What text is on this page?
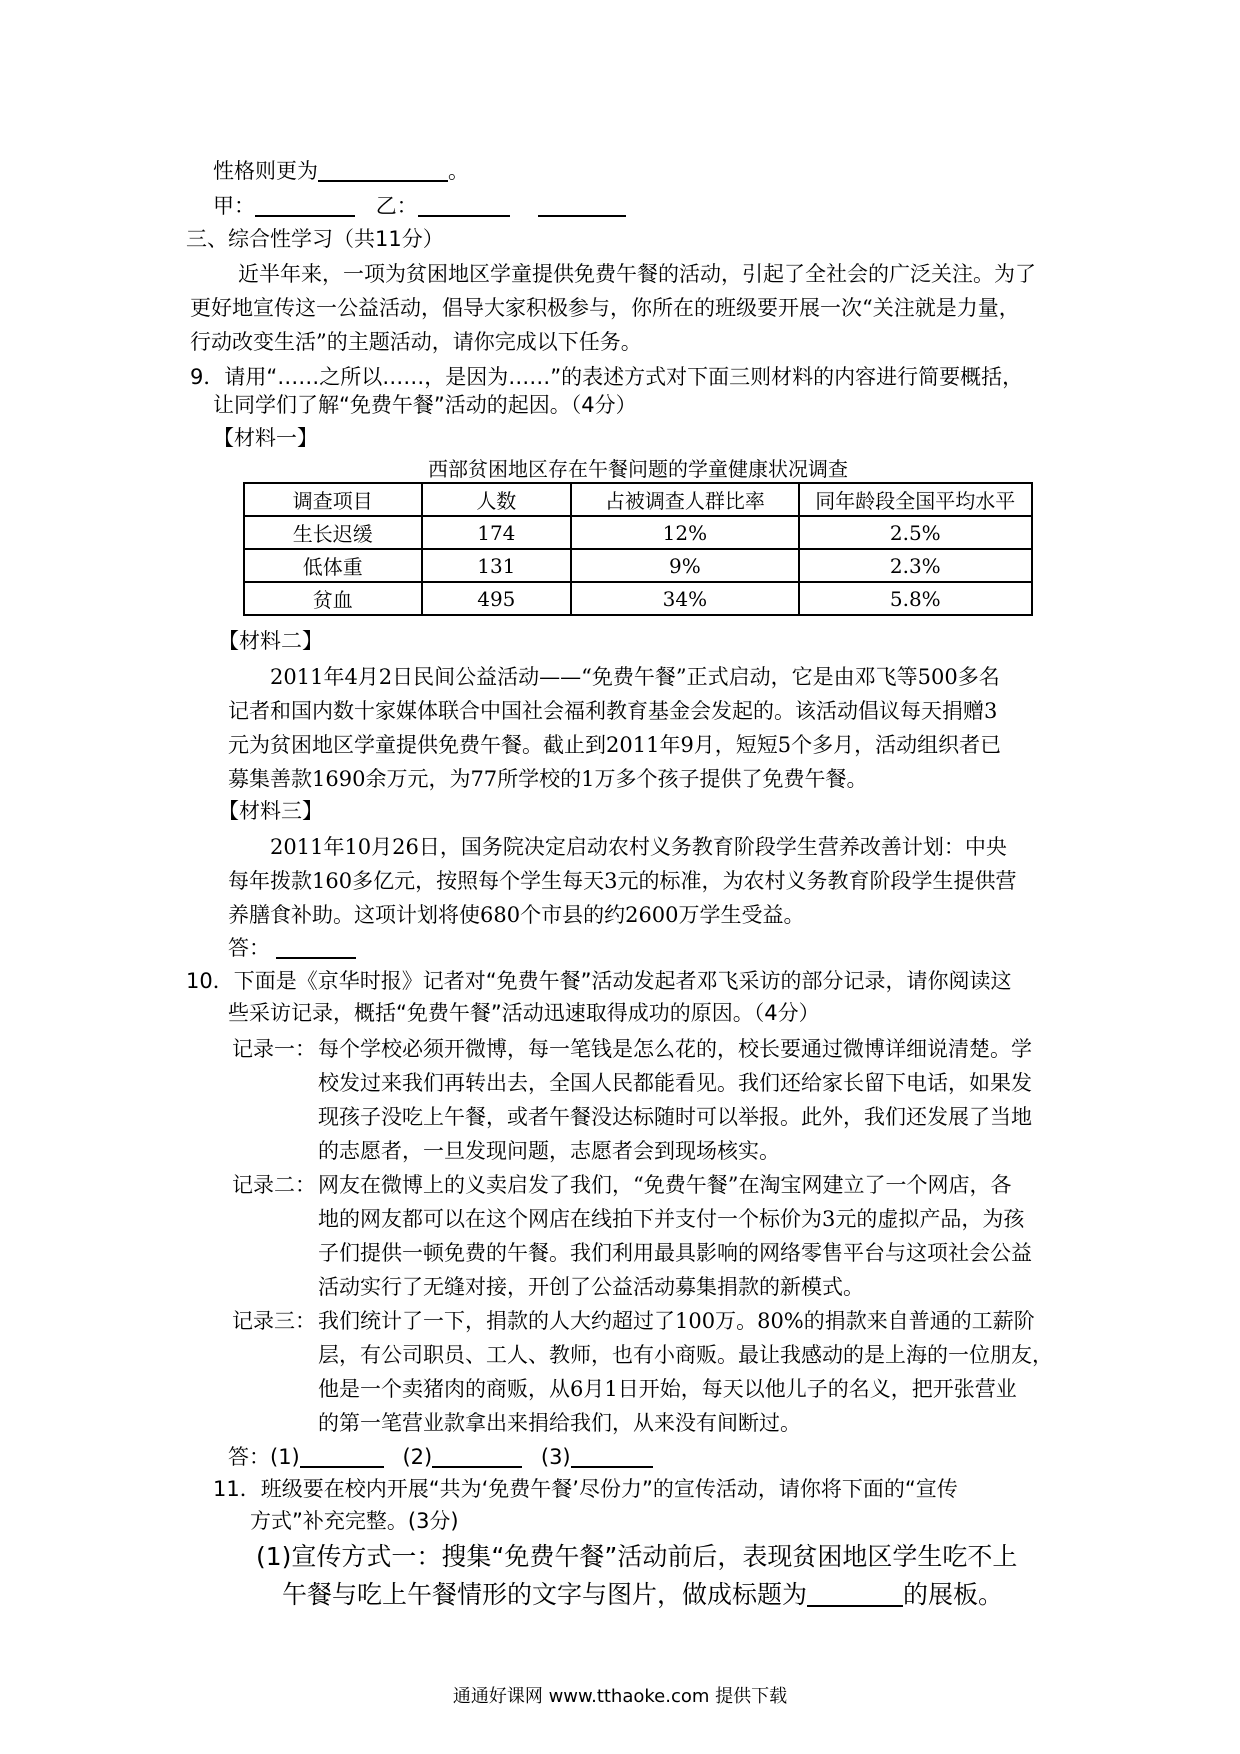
性格则更为	。
甲：	乙：
三、综合性学习（共11分）
近半年来，一项为贫困地区学童提供免费午餐的活动，引起了全社会的广泛关注。为了
更好地宣传这一公益活动，倡导大家积极参与，你所在的班级要开展一次“关注就是力量，
行动改变生活”的主题活动，请你完成以下任务。
9．请用“……之所以……，是因为……”的表述方式对下面三则材料的内容进行简要概括，
让同学们了解“免费午餐”活动的起因。（4分）
【材料一】
西部贫困地区存在午餐问题的学童健康状况调查
调查项目	人数	占被调查人群比率	同年龄段全国平均水平
生长迟缓	174	12%	2.5%
低体重	131	9%	2.3%
贫血	495	34%	5.8%
【材料二】
2011年4月2日民间公益活动——“免费午餐”正式启动，它是由邓飞等500多名
记者和国内数十家媒体联合中国社会福利教育基金会发起的。该活动倡议每天捐赠3
元为贫困地区学童提供免费午餐。截止到2011年9月，短短5个多月，活动组织者已
募集善款1690余万元，为77所学校的1万多个孩子提供了免费午餐。
【材料三】
2011年10月26日，国务院决定启动农村义务教育阶段学生营养改善计划：中央
每年拨款160多亿元，按照每个学生每天3元的标准，为农村义务教育阶段学生提供营
养膳食补助。这项计划将使680个市县的约2600万学生受益。
答：
10．下面是《京华时报》记者对“免费午餐”活动发起者邓飞采访的部分记录，请你阅读这
些采访记录，概括“免费午餐”活动迅速取得成功的原因。（4分）
记录一： 每个学校必须开微博，每一笔钱是怎么花的，校长要通过微博详细说清楚。学
校发过来我们再转出去，全国人民都能看见。我们还给家长留下电话，如果发
现孩子没吃上午餐，或者午餐没达标随时可以举报。此外，我们还发展了当地
的志愿者，一旦发现问题，志愿者会到现场核实。
记录二： 网友在微博上的义卖启发了我们，“免费午餐”在淘宝网建立了一个网店，各
地的网友都可以在这个网店在线拍下并支付一个标价为3元的虚拟产品，为孩
子们提供一顿免费的午餐。我们利用最具影响的网络零售平台与这项社会公益
活动实行了无缝对接，开创了公益活动募集捐款的新模式。
记录三： 我们统计了一下，捐款的人大约超过了100万。80%的捐款来自普通的工薪阶
层，有公司职员、工人、教师，也有小商贩。最让我感动的是上海的一位朋友，
他是一个卖猪肉的商贩，从6月1日开始，每天以他儿子的名义，把开张营业
的第一笔营业款拿出来捐给我们，从来没有间断过。
答：(1)	(2)	(3)
11．班级要在校内开展“共为‘免费午餐’尽份力”的宣传活动，请你将下面的“宣传
方式”补充完整。(3分)
(1)宣传方式一：搜集“免费午餐”活动前后，表现贫困地区学生吃不上
午餐与吃上午餐情形的文字与图片，做成标题为	的展板。
通通好课网 www.tthaoke.com 提供下载
